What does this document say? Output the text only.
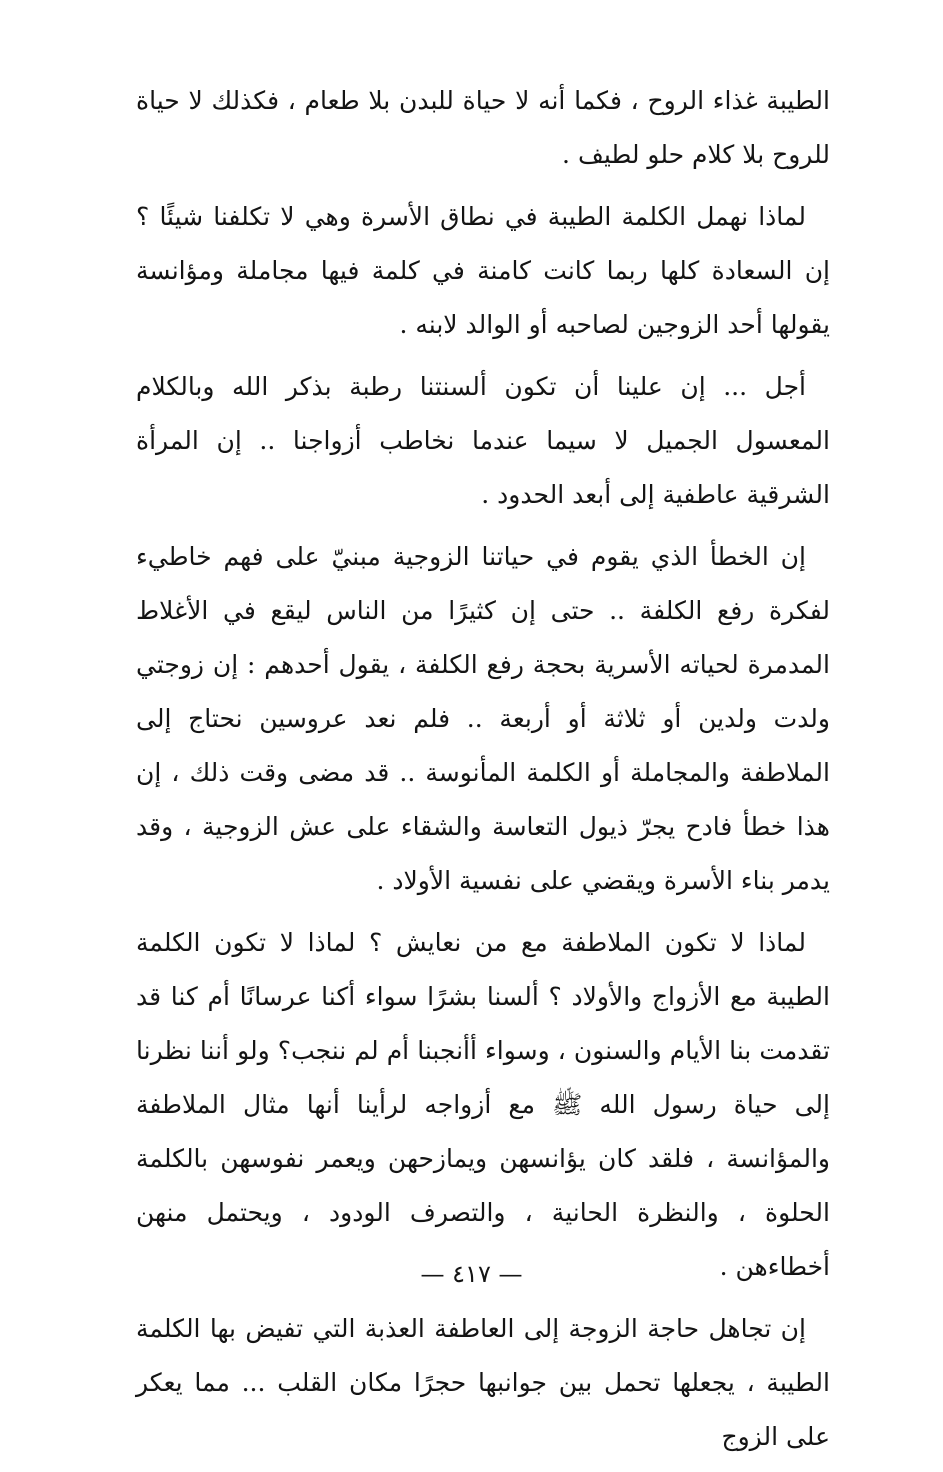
الطيبة غذاء الروح ، فكما أنه لا حياة للبدن بلا طعام ، فكذلك لا حياة للروح بلا كلام حلو لطيف .

لماذا نهمل الكلمة الطيبة في نطاق الأسرة وهي لا تكلفنا شيئًا ؟ إن السعادة كلها ربما كانت كامنة في كلمة فيها مجاملة ومؤانسة يقولها أحد الزوجين لصاحبه أو الوالد لابنه .

أجل ... إن علينا أن تكون ألسنتنا رطبة بذكر الله وبالكلام المعسول الجميل لا سيما عندما نخاطب أزواجنا .. إن المرأة الشرقية عاطفية إلى أبعد الحدود .

إن الخطأ الذي يقوم في حياتنا الزوجية مبنيّ على فهم خاطيء لفكرة رفع الكلفة .. حتى إن كثيرًا من الناس ليقع في الأغلاط المدمرة لحياته الأسرية بحجة رفع الكلفة ، يقول أحدهم : إن زوجتي ولدت ولدين أو ثلاثة أو أربعة .. فلم نعد عروسين نحتاج إلى الملاطفة والمجاملة أو الكلمة المأنوسة .. قد مضى وقت ذلك ، إن هذا خطأ فادح يجرّ ذيول التعاسة والشقاء على عش الزوجية ، وقد يدمر بناء الأسرة ويقضي على نفسية الأولاد .

لماذا لا تكون الملاطفة مع من نعايش ؟ لماذا لا تكون الكلمة الطيبة مع الأزواج والأولاد ؟ ألسنا بشرًا سواء أكنا عرسانًا أم كنا قد تقدمت بنا الأيام والسنون ، وسواء أأنجبنا أم لم ننجب؟ ولو أننا نظرنا إلى حياة رسول الله ﷺ مع أزواجه لرأينا أنها مثال الملاطفة والمؤانسة ، فلقد كان يؤانسهن ويمازحهن ويعمر نفوسهن بالكلمة الحلوة ، والنظرة الحانية ، والتصرف الودود ، ويحتمل منهن أخطاءهن .

إن تجاهل حاجة الزوجة إلى العاطفة العذبة التي تفيض بها الكلمة الطيبة ، يجعلها تحمل بين جوانبها حجرًا مكان القلب ... مما يعكر على الزوج

— ٤١٧ —
